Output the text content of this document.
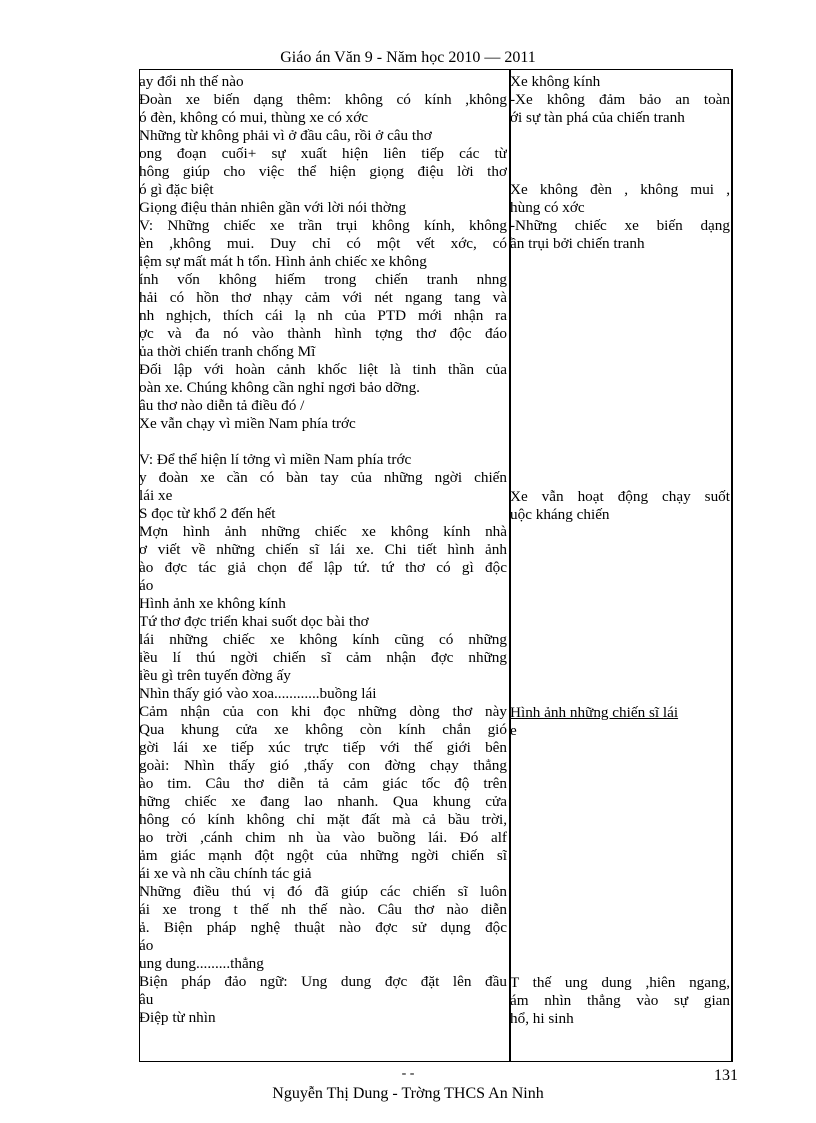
Giáo án Văn 9 - Năm học 2010 — 2011
ay đổi nh thế nào
Đoàn xe biến dạng thêm: không có kính ,không
ó đèn, không có mui, thùng xe có xớc
Những từ không phải vì ở đầu câu, rồi ở câu thơ
ong đoạn cuối+ sự xuất hiện liên tiếp các từ
hông giúp cho việc thể hiện giọng điệu lời thơ
ó gì đặc biệt
Giọng điệu thản nhiên gần với lời nói thờng
V: Những chiếc xe trần trụi không kính, không
èn ,không mui. Duy chỉ có một vết xớc, có
iệm sự mất mát h tổn. Hình ảnh chiếc xe không
ính vốn không hiếm trong chiến tranh nhng
hải có hồn thơ nhạy cảm với nét ngang tang và
nh nghịch, thích cái lạ nh của PTD mới nhận ra
ợc và đa nó vào thành hình tợng thơ độc đáo
ủa thời chiến tranh chống Mĩ
Đối lập với hoàn cảnh khốc liệt là tinh thần của
oàn xe. Chúng không cần nghỉ ngơi bảo dỡng.
âu thơ nào diễn tả điều đó /
Xe vẫn chạy vì miền Nam phía trớc
V: Để thể hiện lí tởng vì miền Nam phía trớc
y đoàn xe cần có bàn tay của những ngời chiến
lái xe
S đọc từ khổ 2 đến hết
Mợn hình ảnh những chiếc xe không kính nhà
ơ viết về những chiến sĩ lái xe. Chi tiết hình ảnh
ào đợc tác giả chọn để lập tứ. tứ thơ có gì độc
áo
Hình ảnh xe không kính
Tứ thơ đợc triển khai suốt dọc bài thơ
lái những chiếc xe không kính cũng có những
iều lí thú ngời chiến sĩ cảm nhận đợc những
iều gì trên tuyến đờng ấy
Nhìn thấy gió vào xoa............buồng lái
Cảm nhận của con khi đọc những dòng thơ này
Qua khung cửa xe không còn kính chắn gió
gời lái xe tiếp xúc trực tiếp với thế giới bên
goài: Nhìn thấy gió ,thấy con đờng chạy thẳng
ào tim. Câu thơ diễn tả cảm giác tốc độ trên
hững chiếc xe đang lao nhanh. Qua khung cửa
hông có kính không chỉ mặt đất mà cả bầu trời,
ao trời ,cánh chim nh ùa vào buồng lái. Đó alf
ảm giác mạnh đột ngột của những ngời chiến sĩ
ái xe và nh cầu chính tác giả
Những điều thú vị đó đã giúp các chiến sĩ luôn
ái xe trong t thế nh thế nào. Câu thơ nào diễn
ả. Biện pháp nghệ thuật nào đợc sử dụng độc
áo
ung dung.........thẳng
Biện pháp đảo ngữ: Ung dung đợc đặt lên đầu
âu
Điệp từ nhìn
Xe không kính
-Xe không đảm bảo an toàn
ới sự tàn phá của chiến tranh
Xe không đèn , không mui ,
hùng có xớc
-Những chiếc xe biến dạng
ần trụi bởi chiến tranh
Xe vẫn hoạt động chạy suốt
uộc kháng chiến
Hình ảnh những chiến sĩ lái
e
T thế ung dung ,hiên ngang,
ám nhìn thẳng vào sự gian
hổ, hi sinh
- -	131
Nguyễn Thị Dung - Trờng THCS An Ninh
